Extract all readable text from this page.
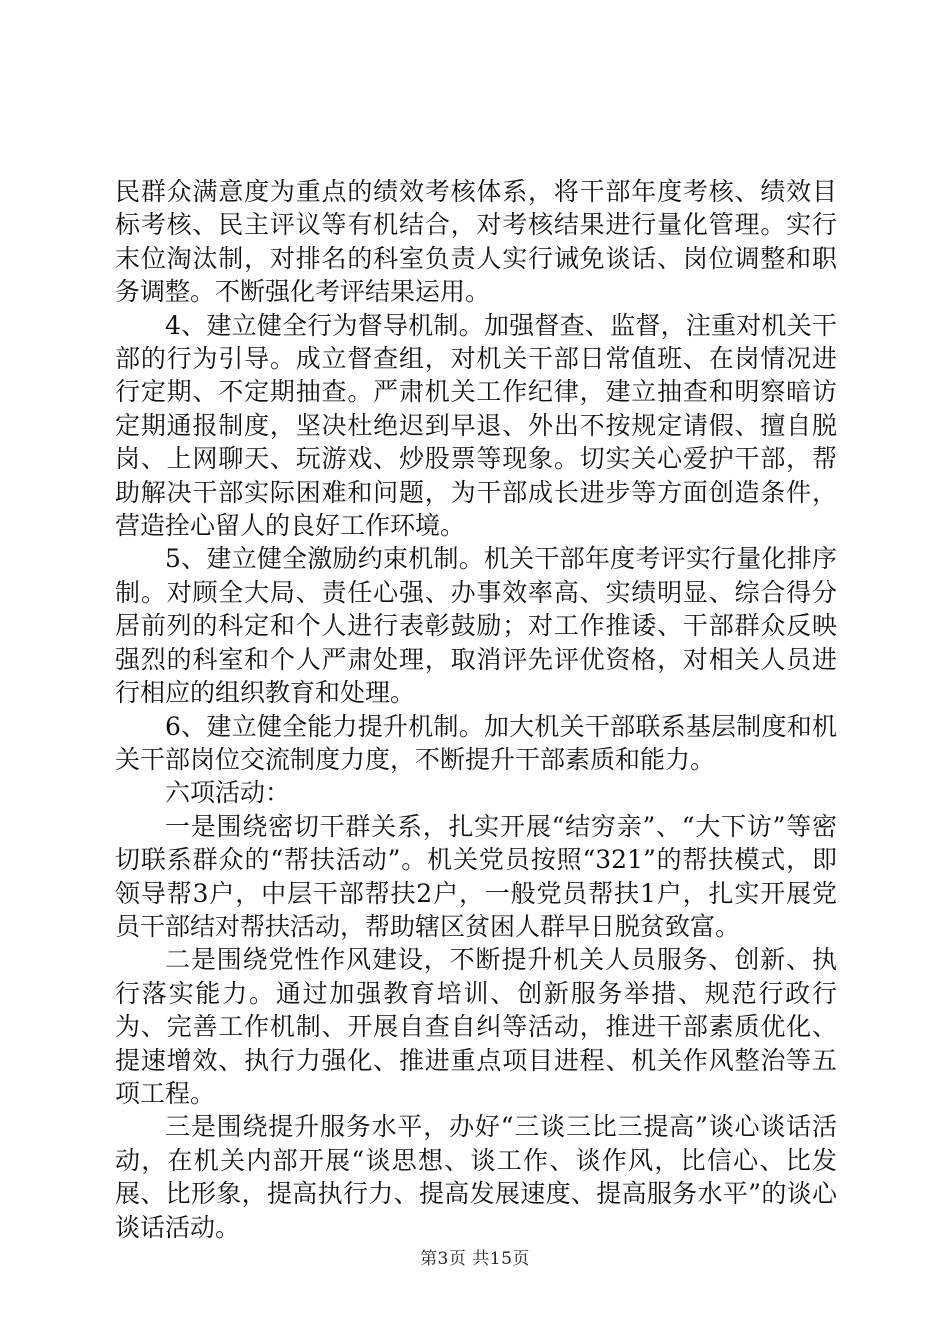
民群众满意度为重点的绩效考核体系，将干部年度考核、绩效目标考核、民主评议等有机结合，对考核结果进行量化管理。实行末位淘汰制，对排名的科室负责人实行诫免谈话、岗位调整和职务调整。不断强化考评结果运用。

4、建立健全行为督导机制。加强督查、监督，注重对机关干部的行为引导。成立督查组，对机关干部日常值班、在岗情况进行定期、不定期抽查。严肃机关工作纪律，建立抽查和明察暗访定期通报制度，坚决杜绝迟到早退、外出不按规定请假、擅自脱岗、上网聊天、玩游戏、炒股票等现象。切实关心爱护干部，帮助解决干部实际困难和问题，为干部成长进步等方面创造条件，营造拴心留人的良好工作环境。

5、建立健全激励约束机制。机关干部年度考评实行量化排序制。对顾全大局、责任心强、办事效率高、实绩明显、综合得分居前列的科定和个人进行表彰鼓励；对工作推诿、干部群众反映强烈的科室和个人严肃处理，取消评先评优资格，对相关人员进行相应的组织教育和处理。

6、建立健全能力提升机制。加大机关干部联系基层制度和机关干部岗位交流制度力度，不断提升干部素质和能力。

六项活动：

一是围绕密切干群关系，扎实开展“结穷亲”、“大下访”等密切联系群众的“帮扶活动”。机关党员按照“321”的帮扶模式，即领导帮3户，中层干部帮扶2户，一般党员帮扶1户，扎实开展党员干部结对帮扶活动，帮助辖区贫困人群早日脱贫致富。

二是围绕党性作风建设，不断提升机关人员服务、创新、执行落实能力。通过加强教育培训、创新服务举措、规范行政行为、完善工作机制、开展自查自纠等活动，推进干部素质优化、提速增效、执行力强化、推进重点项目进程、机关作风整治等五项工程。

三是围绕提升服务水平，办好“三谈三比三提高”谈心谈话活动，在机关内部开展“谈思想、谈工作、谈作风，比信心、比发展、比形象，提高执行力、提高发展速度、提高服务水平”的谈心谈话活动。

第3页 共15页
